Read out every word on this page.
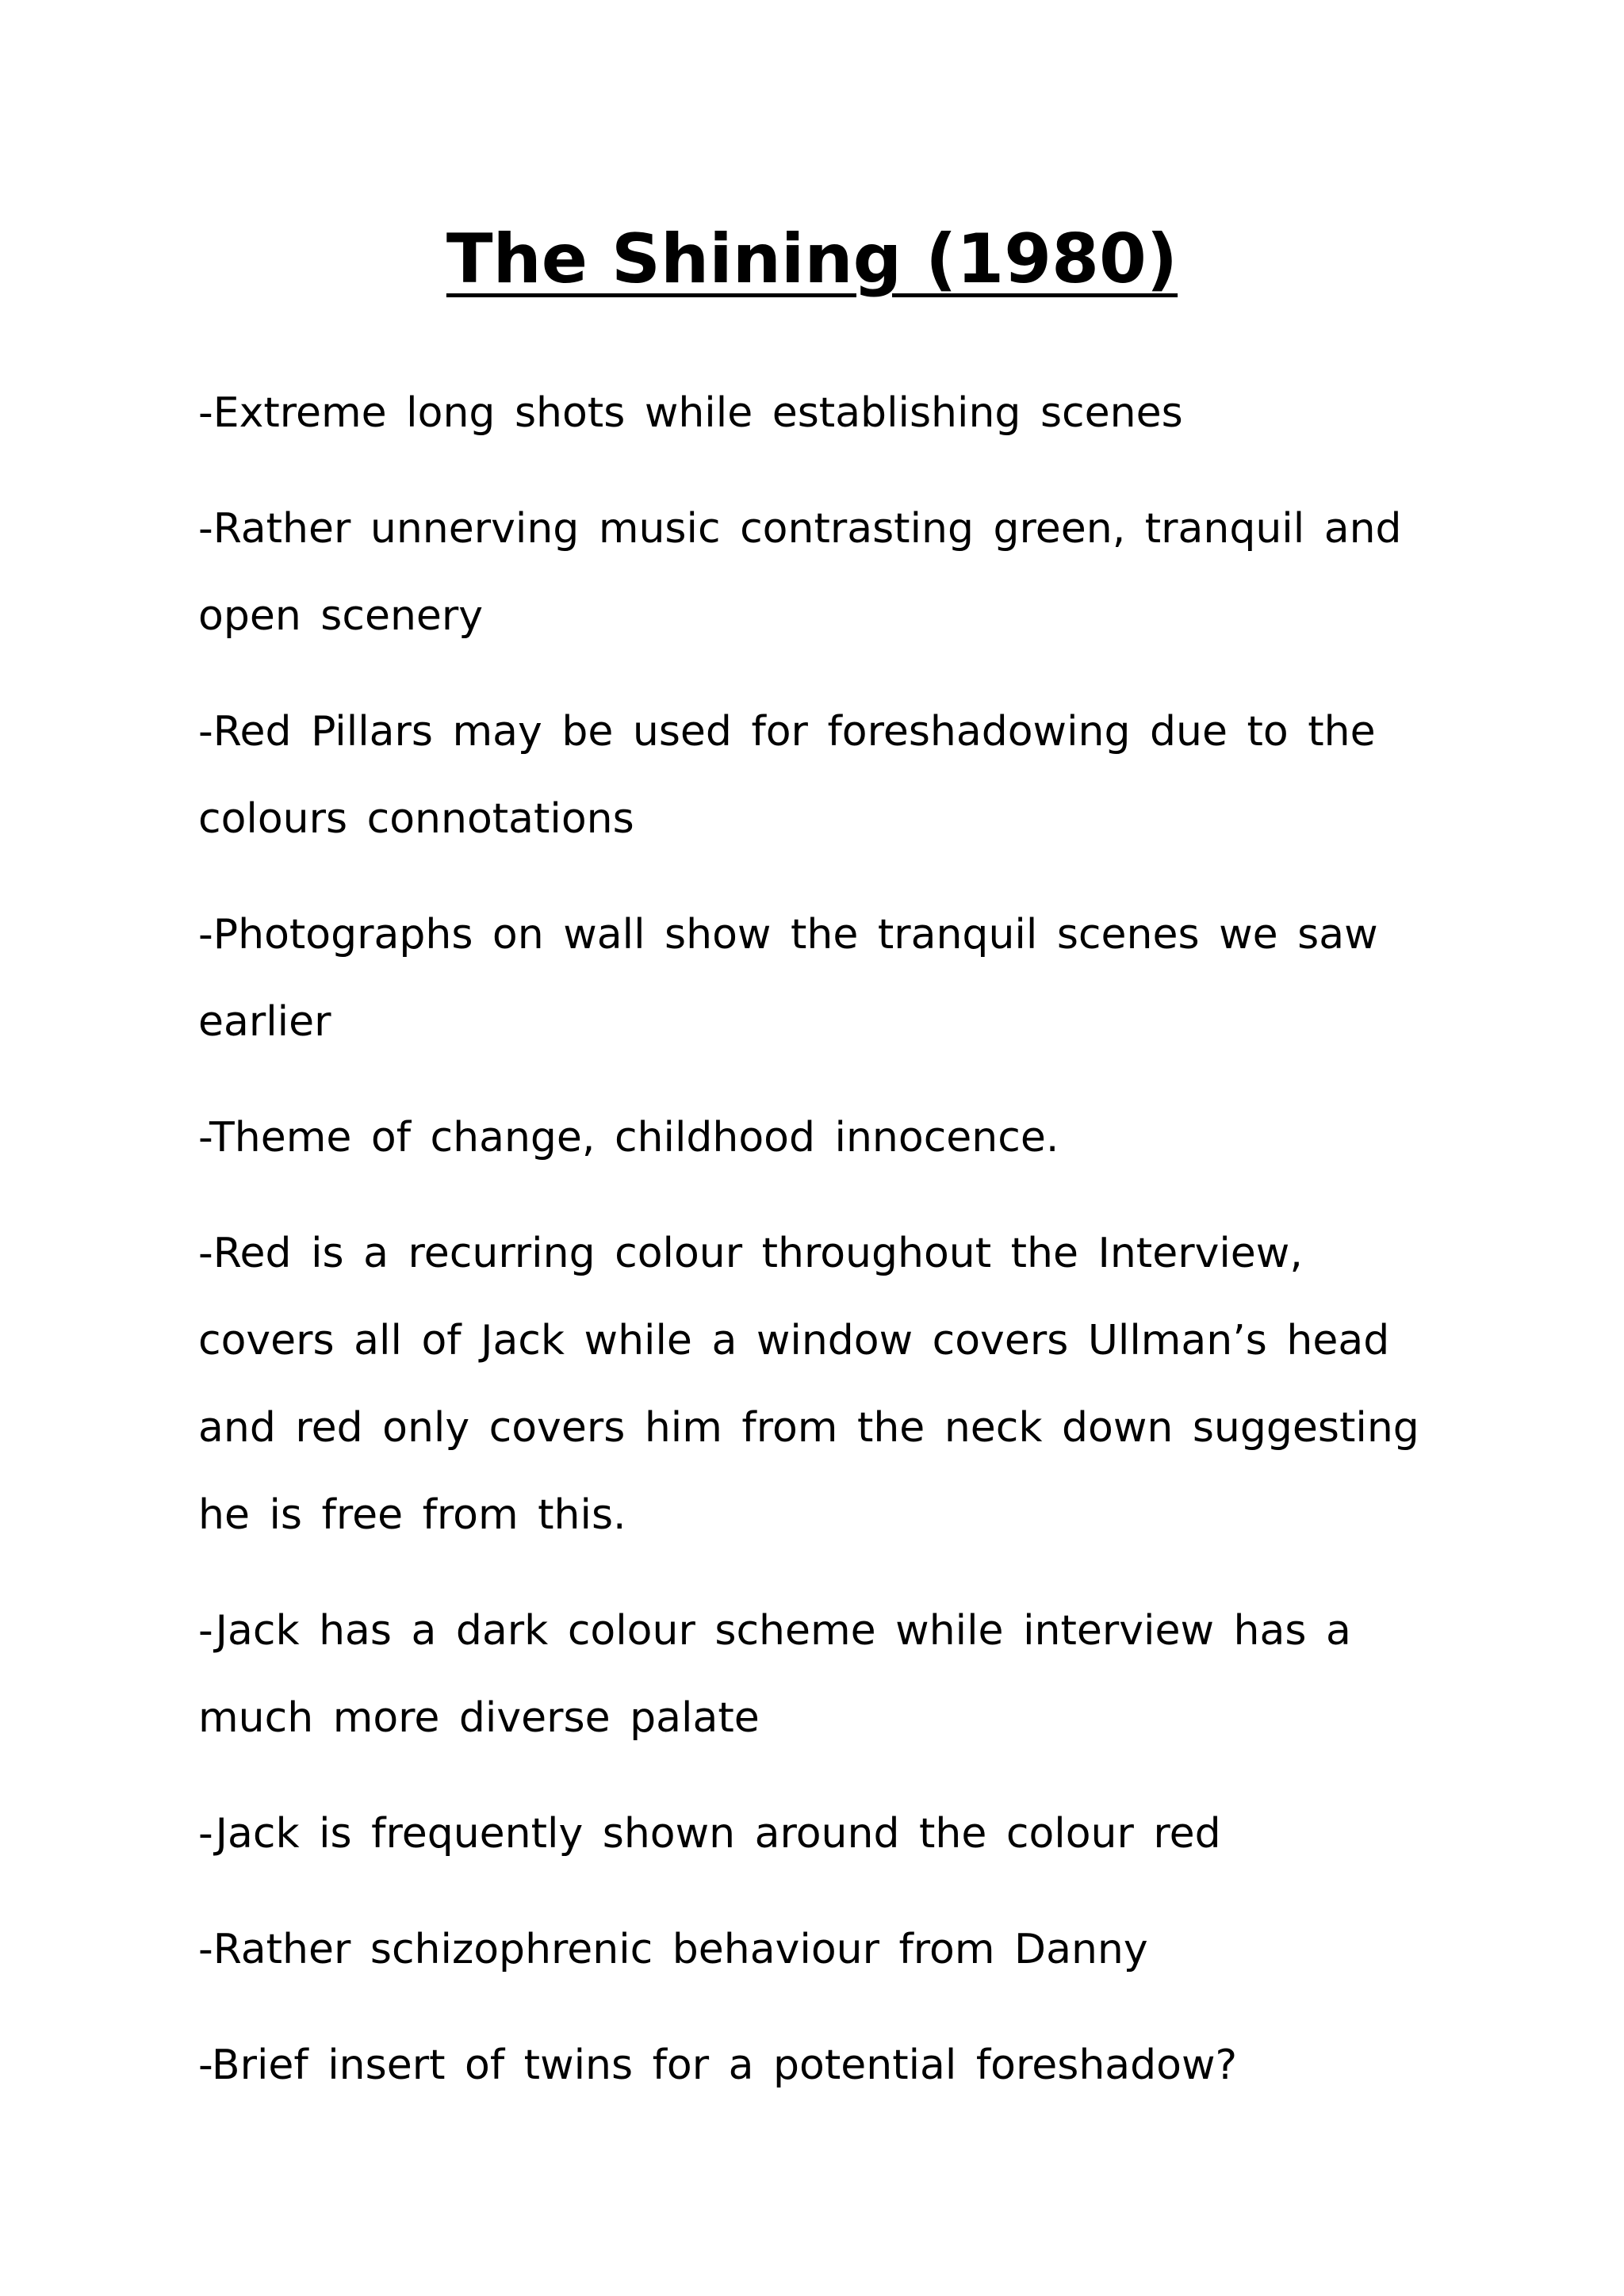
The Shining (1980)
-Extreme long shots while establishing scenes
-Rather unnerving music contrasting green, tranquil and open scenery
-Red Pillars may be used for foreshadowing due to the colours connotations
-Photographs on wall show the tranquil scenes we saw earlier
-Theme of change, childhood innocence.
-Red is a recurring colour throughout the Interview, covers all of Jack while a window covers Ullman’s head and red only covers him from the neck down suggesting he is free from this.
-Jack has a dark colour scheme while interview has a much more diverse palate
-Jack is frequently shown around the colour red
-Rather schizophrenic behaviour from Danny
-Brief insert of twins for a potential foreshadow?
